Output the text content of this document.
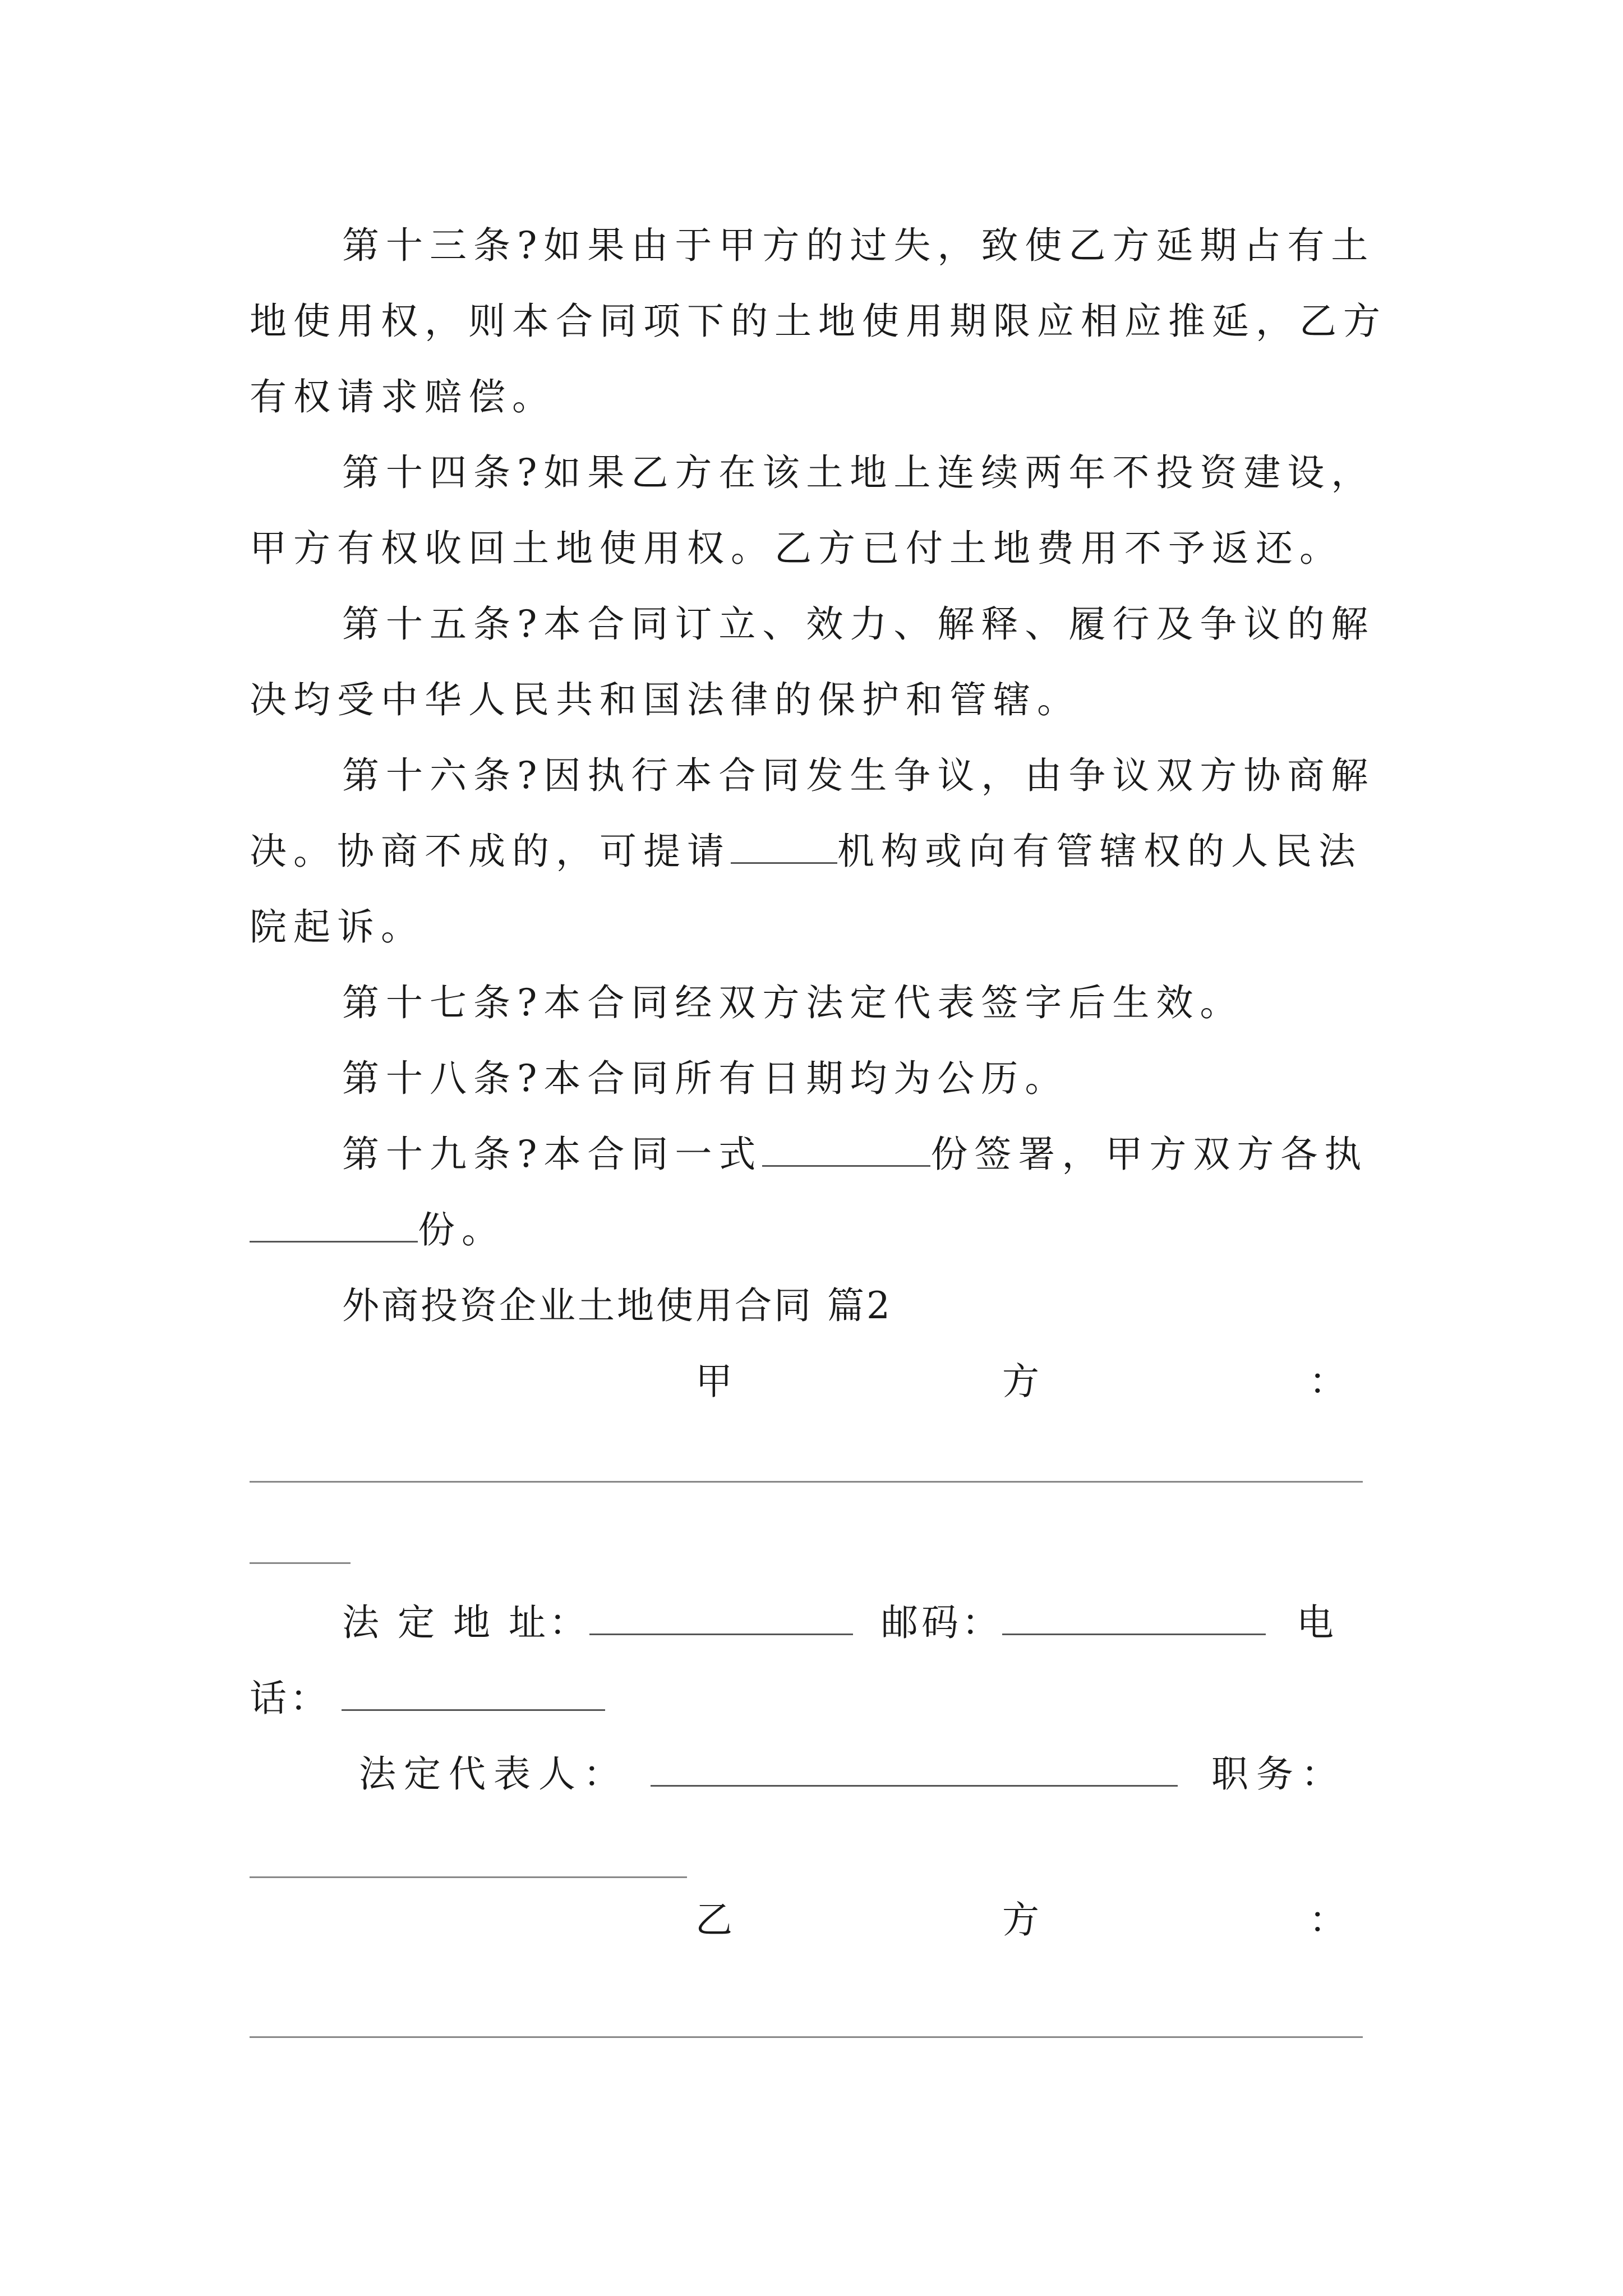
第十三条?如果由于甲方的过失，致使乙方延期占有土
地使用权，则本合同项下的土地使用期限应相应推延，乙方
有权请求赔偿。
第十四条?如果乙方在该土地上连续两年不投资建设，
甲方有权收回土地使用权。乙方已付土地费用不予返还。
第十五条?本合同订立、效力、解释、履行及争议的解
决均受中华人民共和国法律的保护和管辖。
第十六条?因执行本合同发生争议，由争议双方协商解
决。协商不成的，可提请	机构或向有管辖权的人民法
院起诉。
第十七条?本合同经双方法定代表签字后生效。
第十八条?本合同所有日期均为公历。
第十九条?本合同一式	份签署，甲方双方各执
份。
外商投资企业土地使用合同 篇2
甲	方	：
法 定 地 址：	邮码：	电
话：
法定代表人：	职务：
乙	方	：
